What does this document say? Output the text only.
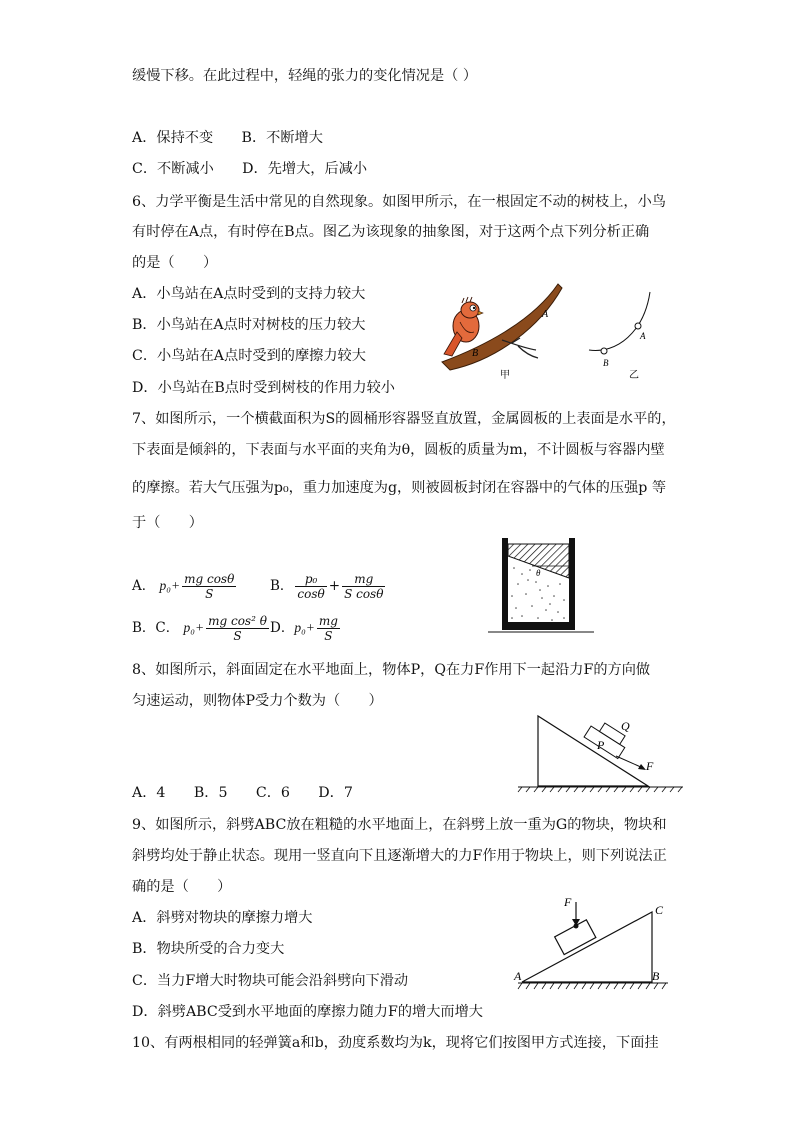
缓慢下移。在此过程中，轻绳的张力的变化情况是（ ）
A．保持不变　　B．不断增大
C．不断减小　　D．先增大，后减小
6、力学平衡是生活中常见的自然现象。如图甲所示，在一根固定不动的树枝上，小鸟
有时停在A点，有时停在B点。图乙为该现象的抽象图，对于这两个点下列分析正确
的是（　　）
A．小鸟站在A点时受到的支持力较大
B．小鸟站在A点时对树枝的压力较大
C．小鸟站在A点时受到的摩擦力较大
D．小鸟站在B点时受到树枝的作用力较小
7、如图所示，一个横截面积为S的圆桶形容器竖直放置，金属圆板的上表面是水平的，
下表面是倾斜的，下表面与水平面的夹角为θ，圆板的质量为m，不计圆板与容器内壁
的摩擦。若大气压强为p₀，重力加速度为g，则被圆板封闭在容器中的气体的压强p 等
于（　　）
A． $p_0+ \frac{\text{mg cosθ}}{S}$ B． $\frac{\text{p₀}}{\cos\theta} + \frac{mg}{\text{S cosθ}}$
B．C． $p_0+ \frac{\text{mg cos² θ}}{S}$ D．$p_0+ \frac{mg}{S}$
8、如图所示，斜面固定在水平地面上，物体P，Q在力F作用下一起沿力F的方向做
匀速运动，则物体P受力个数为（　　）
A．4　　B．5　　C．6　　D．7
9、如图所示，斜劈ABC放在粗糙的水平地面上，在斜劈上放一重为G的物块，物块和
斜劈均处于静止状态。现用一竖直向下且逐渐增大的力F作用于物块上，则下列说法正
确的是（　　）
A．斜劈对物块的摩擦力增大
B．物块所受的合力变大
C．当力F增大时物块可能会沿斜劈向下滑动
D．斜劈ABC受到水平地面的摩擦力随力F的增大而增大
10、有两根相同的轻弹簧a和b，劲度系数均为k，现将它们按图甲方式连接，下面挂
A
B
甲
A
B
乙
θ
P
Q
F
F
A	B
C
